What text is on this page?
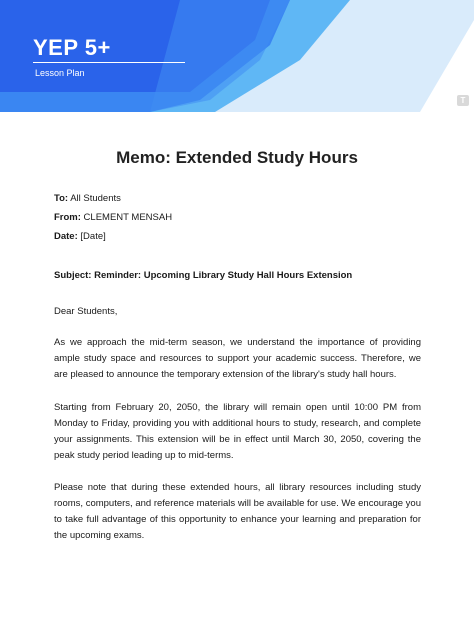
YEP 5+
Lesson Plan
T
Memo: Extended Study Hours
To: All Students
From: CLEMENT MENSAH
Date: [Date]
Subject: Reminder: Upcoming Library Study Hall Hours Extension
Dear Students,

As we approach the mid-term season, we understand the importance of providing ample study space and resources to support your academic success. Therefore, we are pleased to announce the temporary extension of the library's study hall hours.

Starting from February 20, 2050, the library will remain open until 10:00 PM from Monday to Friday, providing you with additional hours to study, research, and complete your assignments. This extension will be in effect until March 30, 2050, covering the peak study period leading up to mid-terms.

Please note that during these extended hours, all library resources including study rooms, computers, and reference materials will be available for use. We encourage you to take full advantage of this opportunity to enhance your learning and preparation for the upcoming exams.
